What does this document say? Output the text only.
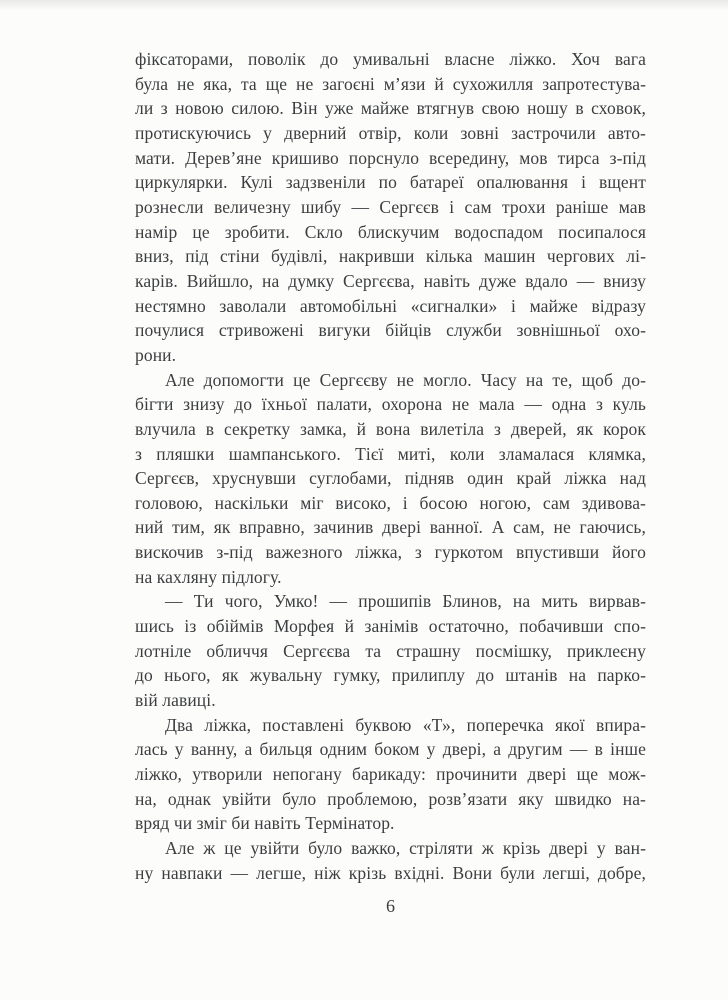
фіксаторами, поволік до умивальні власне ліжко. Хоч вага
була не яка, та ще не загоєні м’язи й сухожилля запротестува-
ли з новою силою. Він уже майже втягнув свою ношу в сховок,
протискуючись у дверний отвір, коли зовні застрочили авто-
мати. Дерев’яне кришиво порснуло всередину, мов тирса з-під
циркулярки. Кулі задзвеніли по батареї опалювання і вщент
рознесли величезну шибу — Сергєєв і сам трохи раніше мав
намір це зробити. Скло блискучим водоспадом посипалося
вниз, під стіни будівлі, накривши кілька машин чергових лі-
карів. Вийшло, на думку Сергєєва, навіть дуже вдало — внизу
нестямно заволали автомобільні «сигналки» і майже відразу
почулися стривожені вигуки бійців служби зовнішньої охо-
рони.
Але допомогти це Сергєєву не могло. Часу на те, щоб до-
бігти знизу до їхньої палати, охорона не мала — одна з куль
влучила в секретку замка, й вона вилетіла з дверей, як корок
з пляшки шампанського. Тієї миті, коли зламалася клямка,
Сергєєв, хруснувши суглобами, підняв один край ліжка над
головою, наскільки міг високо, і босою ногою, сам здивова-
ний тим, як вправно, зачинив двері ванної. А сам, не гаючись,
вискочив з-під важезного ліжка, з гуркотом впустивши його
на кахляну підлогу.
— Ти чого, Умко! — прошипів Блинов, на мить вирвав-
шись із обіймів Морфея й занімів остаточно, побачивши спо-
лотніле обличчя Сергєєва та страшну посмішку, приклеєну
до нього, як жувальну гумку, прилиплу до штанів на парко-
вій лавиці.
Два ліжка, поставлені буквою «Т», поперечка якої впира-
лась у ванну, а бильця одним боком у двері, а другим — в інше
ліжко, утворили непогану барикаду: прочинити двері ще мож-
на, однак увійти було проблемою, розв’язати яку швидко на-
вряд чи зміг би навіть Термінатор.
Але ж це увійти було важко, стріляти ж крізь двері у ван-
ну навпаки — легше, ніж крізь вхідні. Вони були легші, добре,
6
